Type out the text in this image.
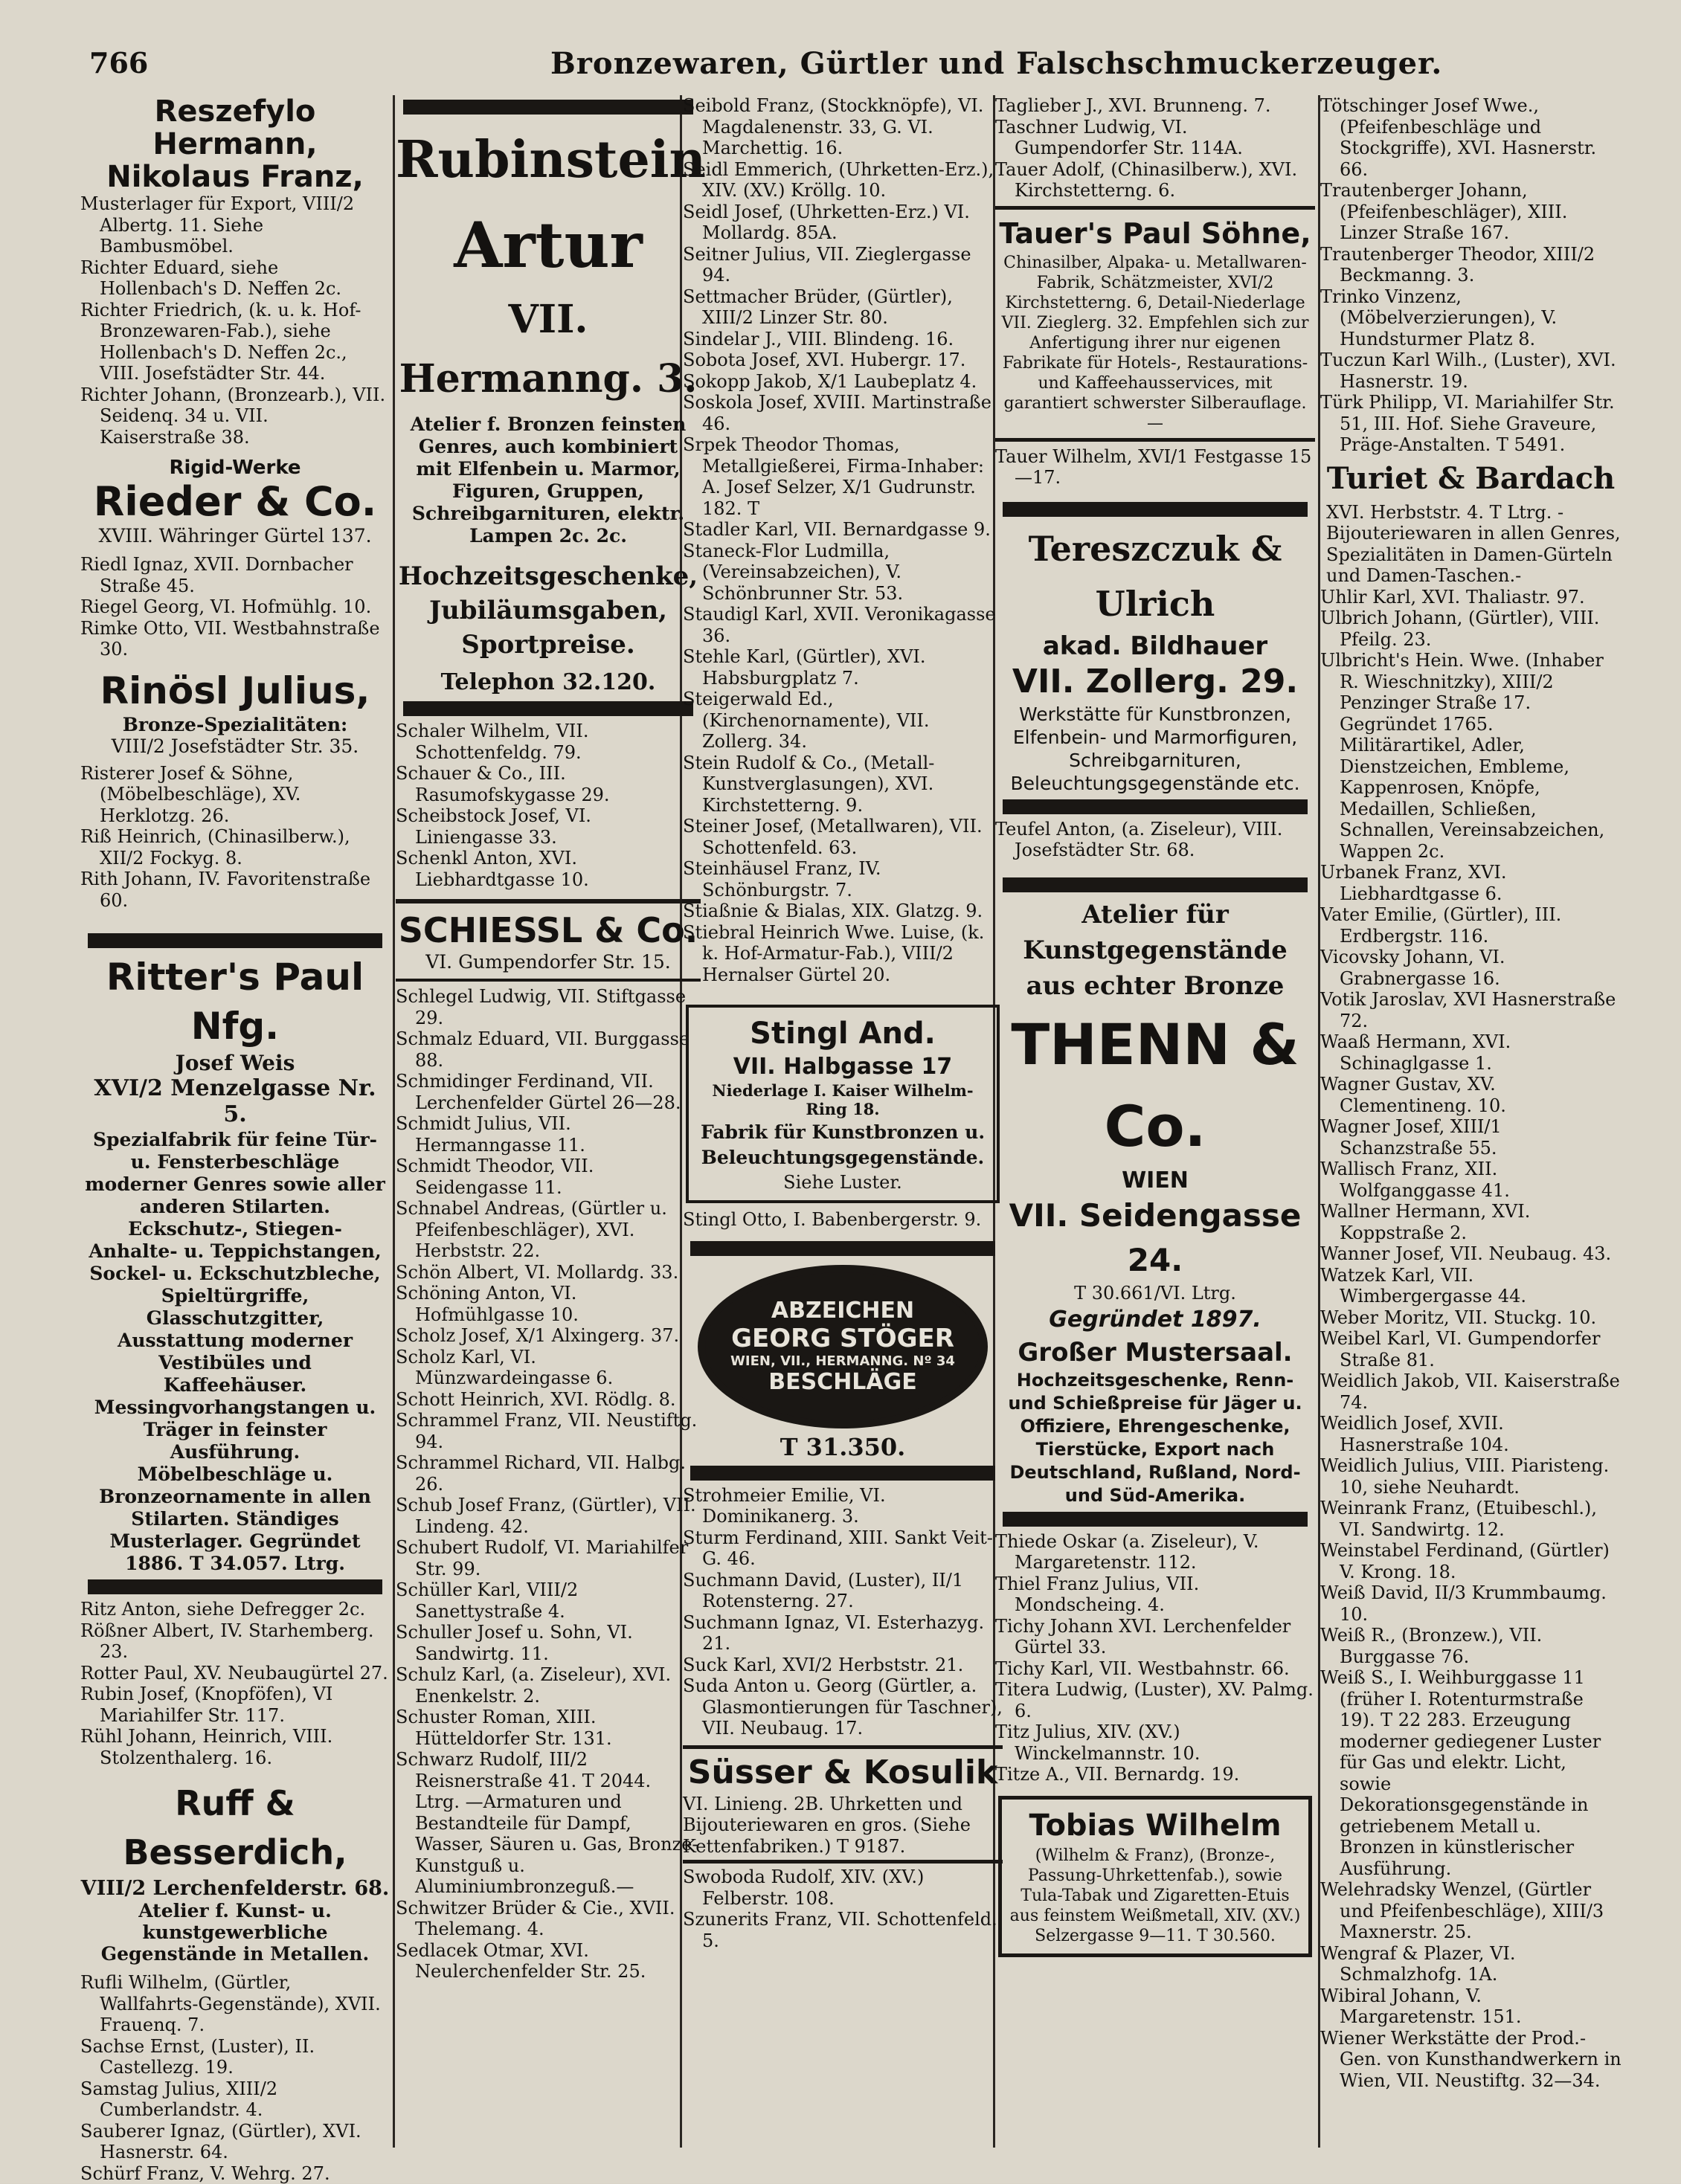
766	Bronzewaren, Gürtler und Falschschmuckerzeuger.

Reszefylo Hermann,

Nikolaus Franz,

Musterlager für Export, VIII/2 Albertg. 11. Siehe Bambusmöbel.

Richter Eduard, siehe Hollenbach's D. Neffen 2c.

Richter Friedrich, (k. u. k. Hof-Bronzewaren-Fab.), siehe Hollenbach's D. Neffen 2c., VIII. Josefstädter Str. 44.

Richter Johann, (Bronzearb.), VII. Seidenq. 34 u. VII. Kaiserstraße 38.

Rigid-Werke

Rieder & Co.

XVIII. Währinger Gürtel 137.

Riedl Ignaz, XVII. Dornbacher Straße 45.

Riegel Georg, VI. Hofmühlg. 10.

Rimke Otto, VII. Westbahnstraße 30.

Rinösl Julius,

Bronze-Spezialitäten:

VIII/2 Josefstädter Str. 35.

Risterer Josef & Söhne, (Möbelbeschläge), XV. Herklotzg. 26.

Riß Heinrich, (Chinasilberw.), XII/2 Fockyg. 8.

Rith Johann, IV. Favoritenstraße 60.

Ritter's Paul Nfg.

Josef Weis

XVI/2 Menzelgasse Nr. 5.

Spezialfabrik für feine Tür- u. Fensterbeschläge moderner Genres sowie aller anderen Stilarten. Eckschutz-, Stiegen-Anhalte- u. Teppichstangen, Sockel- u. Eckschutzbleche, Spieltürgriffe, Glasschutzgitter, Ausstattung moderner Vestibüles und Kaffeehäuser. Messingvorhangstangen u. Träger in feinster Ausführung. Möbelbeschläge u. Bronzeornamente in allen Stilarten. Ständiges Musterlager. Gegründet 1886. T 34.057. Ltrg.

Ritz Anton, siehe Defregger 2c.

Rößner Albert, IV. Starhemberg. 23.

Rotter Paul, XV. Neubaugürtel 27.

Rubin Josef, (Knopföfen), VI Mariahilfer Str. 117.

Rühl Johann, Heinrich, VIII. Stolzenthalerg. 16.

Ruff & Besserdich,

VIII/2 Lerchenfelderstr. 68.

Atelier f. Kunst- u. kunstgewerbliche Gegenstände in Metallen.

Rufli Wilhelm, (Gürtler, Wallfahrts-Gegenstände), XVII. Frauenq. 7.

Sachse Ernst, (Luster), II. Castellezg. 19.

Samstag Julius, XIII/2 Cumberlandstr. 4.

Sauberer Ignaz, (Gürtler), XVI. Hasnerstr. 64.

Schürf Franz, V. Wehrg. 27.

Rubinstein

Artur

VII. Hermanng. 3.

Atelier f. Bronzen feinsten Genres, auch kombiniert mit Elfenbein u. Marmor, Figuren, Gruppen, Schreibgarnituren, elektr. Lampen 2c. 2c.

Hochzeitsgeschenke, Jubiläumsgaben, Sportpreise.

Telephon 32.120.

Schaler Wilhelm, VII. Schottenfeldg. 79.

Schauer & Co., III. Rasumofskygasse 29.

Scheibstock Josef, VI. Liniengasse 33.

Schenkl Anton, XVI. Liebhardtgasse 10.

SCHIESSL & Co.

VI. Gumpendorfer Str. 15.

Schlegel Ludwig, VII. Stiftgasse 29.

Schmalz Eduard, VII. Burggasse 88.

Schmidinger Ferdinand, VII. Lerchenfelder Gürtel 26—28.

Schmidt Julius, VII. Hermanngasse 11.

Schmidt Theodor, VII. Seidengasse 11.

Schnabel Andreas, (Gürtler u. Pfeifenbeschläger), XVI. Herbststr. 22.

Schön Albert, VI. Mollardg. 33.

Schöning Anton, VI. Hofmühlgasse 10.

Scholz Josef, X/1 Alxingerg. 37.

Scholz Karl, VI. Münzwardeingasse 6.

Schott Heinrich, XVI. Rödlg. 8.

Schrammel Franz, VII. Neustiftg. 94.

Schrammel Richard, VII. Halbg. 26.

Schub Josef Franz, (Gürtler), VII. Lindeng. 42.

Schubert Rudolf, VI. Mariahilfer Str. 99.

Schüller Karl, VIII/2 Sanettystraße 4.

Schuller Josef u. Sohn, VI. Sandwirtg. 11.

Schulz Karl, (a. Ziseleur), XVI. Enenkelstr. 2.

Schuster Roman, XIII. Hütteldorfer Str. 131.

Schwarz Rudolf, III/2 Reisnerstraße 41. T 2044. Ltrg. —Armaturen und Bestandteile für Dampf, Wasser, Säuren u. Gas, Bronze-Kunstguß u. Aluminiumbronzeguß.—

Schwitzer Brüder & Cie., XVII. Thelemang. 4.

Sedlacek Otmar, XVI. Neulerchenfelder Str. 25.

Seibold Franz, (Stockknöpfe), VI. Magdalenenstr. 33, G. VI. Marchettig. 16.

Seidl Emmerich, (Uhrketten-Erz.), XIV. (XV.) Kröllg. 10.

Seidl Josef, (Uhrketten-Erz.) VI. Mollardg. 85A.

Seitner Julius, VII. Zieglergasse 94.

Settmacher Brüder, (Gürtler), XIII/2 Linzer Str. 80.

Sindelar J., VIII. Blindeng. 16.

Sobota Josef, XVI. Hubergr. 17.

Sokopp Jakob, X/1 Laubeplatz 4.

Soskola Josef, XVIII. Martinstraße 46.

Srpek Theodor Thomas, Metallgießerei, Firma-Inhaber: A. Josef Selzer, X/1 Gudrunstr. 182. T

Stadler Karl, VII. Bernardgasse 9.

Staneck-Flor Ludmilla, (Vereinsabzeichen), V. Schönbrunner Str. 53.

Staudigl Karl, XVII. Veronikagasse 36.

Stehle Karl, (Gürtler), XVI. Habsburgplatz 7.

Steigerwald Ed., (Kirchenornamente), VII. Zollerg. 34.

Stein Rudolf & Co., (Metall-Kunstverglasungen), XVI. Kirchstetterng. 9.

Steiner Josef, (Metallwaren), VII. Schottenfeld. 63.

Steinhäusel Franz, IV. Schönburgstr. 7.

Stiaßnie & Bialas, XIX. Glatzg. 9.

Stiebral Heinrich Wwe. Luise, (k. k. Hof-Armatur-Fab.), VIII/2 Hernalser Gürtel 20.

Stingl And.

VII. Halbgasse 17

Niederlage I. Kaiser Wilhelm-Ring 18.

Fabrik für Kunstbronzen u. Beleuchtungsgegenstände.

Siehe Luster.

Stingl Otto, I. Babenbergerstr. 9.

ABZEICHEN
GEORG STÖGER
WIEN, VII., HERMANNG. Nº 34
BESCHLÄGE

T 31.350.

Strohmeier Emilie, VI. Dominikanerg. 3.

Sturm Ferdinand, XIII. Sankt Veit-G. 46.

Suchmann David, (Luster), II/1 Rotensterng. 27.

Suchmann Ignaz, VI. Esterhazyg. 21.

Suck Karl, XVI/2 Herbststr. 21.

Suda Anton u. Georg (Gürtler, a. Glasmontierungen für Taschner), VII. Neubaug. 17.

Süsser & Kosulik

VI. Linieng. 2B. Uhrketten und Bijouteriewaren en gros. (Siehe Kettenfabriken.) T 9187.

Swoboda Rudolf, XIV. (XV.) Felberstr. 108.

Szunerits Franz, VII. Schottenfeld. 5.

Taglieber J., XVI. Brunneng. 7.

Taschner Ludwig, VI. Gumpendorfer Str. 114A.

Tauer Adolf, (Chinasilberw.), XVI. Kirchstetterng. 6.

Tauer's Paul Söhne,

Chinasilber, Alpaka- u. Metallwaren-Fabrik, Schätzmeister, XVI/2 Kirchstetterng. 6, Detail-Niederlage VII. Zieglerg. 32. Empfehlen sich zur Anfertigung ihrer nur eigenen Fabrikate für Hotels-, Restaurations- und Kaffeehausservices, mit garantiert schwerster Silberauflage.—

Tauer Wilhelm, XVI/1 Festgasse 15—17.

Tereszczuk & Ulrich

akad. Bildhauer

VII. Zollerg. 29.

Werkstätte für Kunstbronzen, Elfenbein- und Marmorfiguren, Schreibgarnituren, Beleuchtungsgegenstände etc.

Teufel Anton, (a. Ziseleur), VIII. Josefstädter Str. 68.

Atelier für Kunstgegenstände aus echter Bronze

THENN & Co.

WIEN

VII. Seidengasse 24.

T 30.661/VI. Ltrg.

Gegründet 1897.

Großer Mustersaal.

Hochzeitsgeschenke, Renn- und Schießpreise für Jäger u. Offiziere, Ehrengeschenke, Tierstücke, Export nach Deutschland, Rußland, Nord- und Süd-Amerika.

Thiede Oskar (a. Ziseleur), V. Margaretenstr. 112.

Thiel Franz Julius, VII. Mondscheing. 4.

Tichy Johann XVI. Lerchenfelder Gürtel 33.

Tichy Karl, VII. Westbahnstr. 66.

Titera Ludwig, (Luster), XV. Palmg. 6.

Titz Julius, XIV. (XV.) Winckelmannstr. 10.

Titze A., VII. Bernardg. 19.

Tobias Wilhelm

(Wilhelm & Franz), (Bronze-, Passung-Uhrkettenfab.), sowie Tula-Tabak und Zigaretten-Etuis aus feinstem Weißmetall, XIV. (XV.) Selzergasse 9—11. T 30.560.

Tötschinger Josef Wwe., (Pfeifenbeschläge und Stockgriffe), XVI. Hasnerstr. 66.

Trautenberger Johann, (Pfeifenbeschläger), XIII. Linzer Straße 167.

Trautenberger Theodor, XIII/2 Beckmanng. 3.

Trinko Vinzenz, (Möbelverzierungen), V. Hundsturmer Platz 8.

Tuczun Karl Wilh., (Luster), XVI. Hasnerstr. 19.

Türk Philipp, VI. Mariahilfer Str. 51, III. Hof. Siehe Graveure, Präge-Anstalten. T 5491.

Turiet & Bardach

XVI. Herbststr. 4. T Ltrg. -Bijouteriewaren in allen Genres, Spezialitäten in Damen-Gürteln und Damen-Taschen.-

Uhlir Karl, XVI. Thaliastr. 97.

Ulbrich Johann, (Gürtler), VIII. Pfeilg. 23.

Ulbricht's Hein. Wwe. (Inhaber R. Wieschnitzky), XIII/2 Penzinger Straße 17. Gegründet 1765. Militärartikel, Adler, Dienstzeichen, Embleme, Kappenrosen, Knöpfe, Medaillen, Schließen, Schnallen, Vereinsabzeichen, Wappen 2c.

Urbanek Franz, XVI. Liebhardtgasse 6.

Vater Emilie, (Gürtler), III. Erdbergstr. 116.

Vicovsky Johann, VI. Grabnergasse 16.

Votik Jaroslav, XVI Hasnerstraße 72.

Waaß Hermann, XVI. Schinaglgasse 1.

Wagner Gustav, XV. Clementineng. 10.

Wagner Josef, XIII/1 Schanzstraße 55.

Wallisch Franz, XII. Wolfganggasse 41.

Wallner Hermann, XVI. Koppstraße 2.

Wanner Josef, VII. Neubaug. 43.

Watzek Karl, VII. Wimbergergasse 44.

Weber Moritz, VII. Stuckg. 10.

Weibel Karl, VI. Gumpendorfer Straße 81.

Weidlich Jakob, VII. Kaiserstraße 74.

Weidlich Josef, XVII. Hasnerstraße 104.

Weidlich Julius, VIII. Piaristeng. 10, siehe Neuhardt.

Weinrank Franz, (Etuibeschl.), VI. Sandwirtg. 12.

Weinstabel Ferdinand, (Gürtler) V. Krong. 18.

Weiß David, II/3 Krummbaumg. 10.

Weiß R., (Bronzew.), VII. Burggasse 76.

Weiß S., I. Weihburggasse 11 (früher I. Rotenturmstraße 19). T 22 283. Erzeugung moderner gediegener Luster für Gas und elektr. Licht, sowie Dekorationsgegenstände in getriebenem Metall u. Bronzen in künstlerischer Ausführung.

Welehradsky Wenzel, (Gürtler und Pfeifenbeschläge), XIII/3 Maxnerstr. 25.

Wengraf & Plazer, VI. Schmalzhofg. 1A.

Wibiral Johann, V. Margaretenstr. 151.

Wiener Werkstätte der Prod.-Gen. von Kunsthandwerkern in Wien, VII. Neustiftg. 32—34.
